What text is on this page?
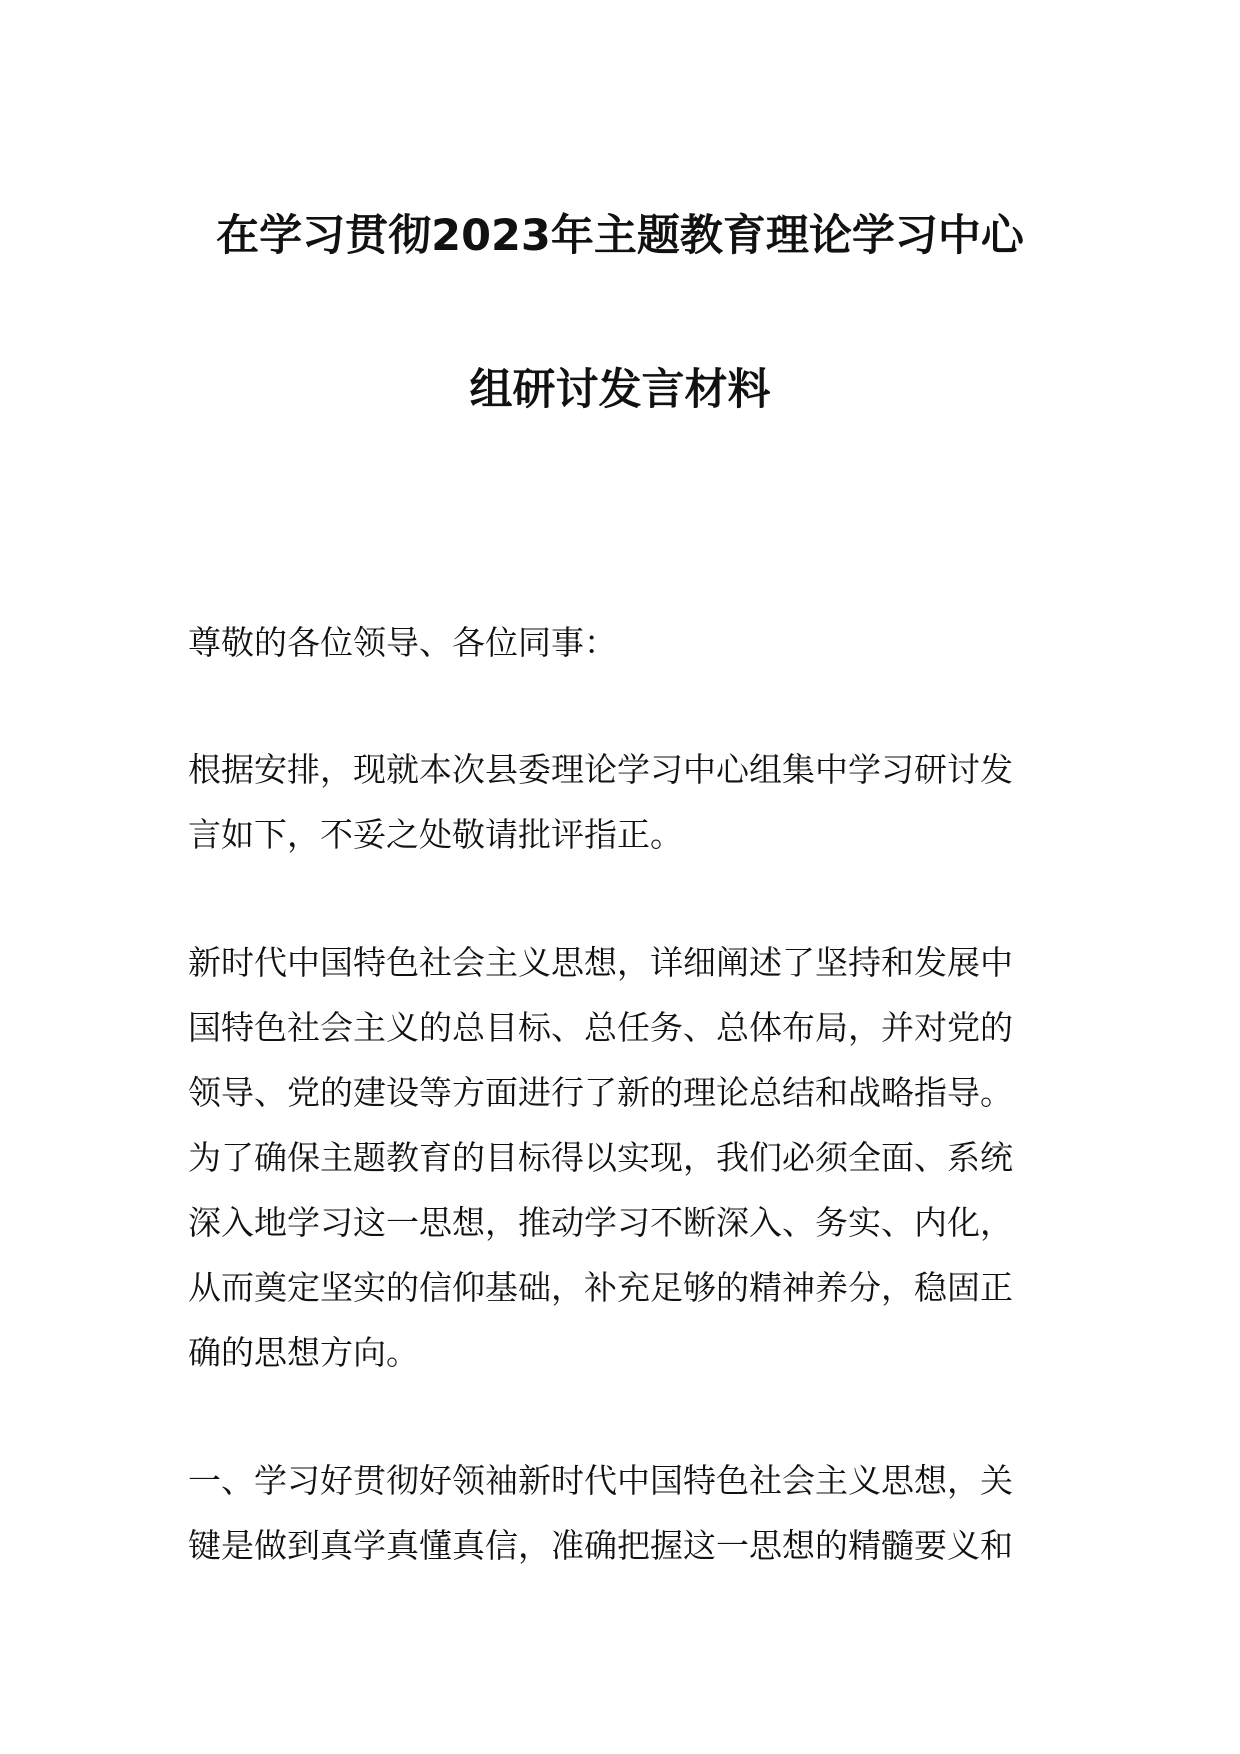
在学习贯彻2023年主题教育理论学习中心
组研讨发言材料
尊敬的各位领导、各位同事：
根据安排，现就本次县委理论学习中心组集中学习研讨发
言如下，不妥之处敬请批评指正。
新时代中国特色社会主义思想，详细阐述了坚持和发展中
国特色社会主义的总目标、总任务、总体布局，并对党的
领导、党的建设等方面进行了新的理论总结和战略指导。
为了确保主题教育的目标得以实现，我们必须全面、系统
深入地学习这一思想，推动学习不断深入、务实、内化，
从而奠定坚实的信仰基础，补充足够的精神养分，稳固正
确的思想方向。
一、学习好贯彻好领袖新时代中国特色社会主义思想，关
键是做到真学真懂真信，准确把握这一思想的精髓要义和
